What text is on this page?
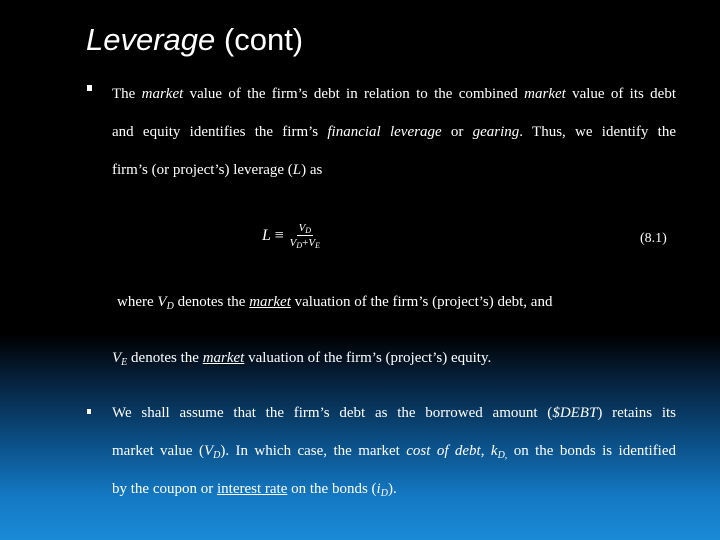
Leverage (cont)
The market value of the firm’s debt in relation to the combined market value of its debt
and equity identifies the firm’s financial leverage or gearing. Thus, we identify the
firm’s (or project’s) leverage (L) as
$L \equiv \frac{V_D}{V_D+V_E}$	(8.1)
where $V_D$ denotes the market valuation of the firm’s (project’s) debt, and
$V_E$ denotes the market valuation of the firm’s (project’s) equity.
We shall assume that the firm’s debt as the borrowed amount ($DEBT) retains its
market value $(V_D)$. In which case, the market cost of debt, $k_{D,}$ on the bonds is identified
by the coupon or interest rate on the bonds $(i_D)$.
